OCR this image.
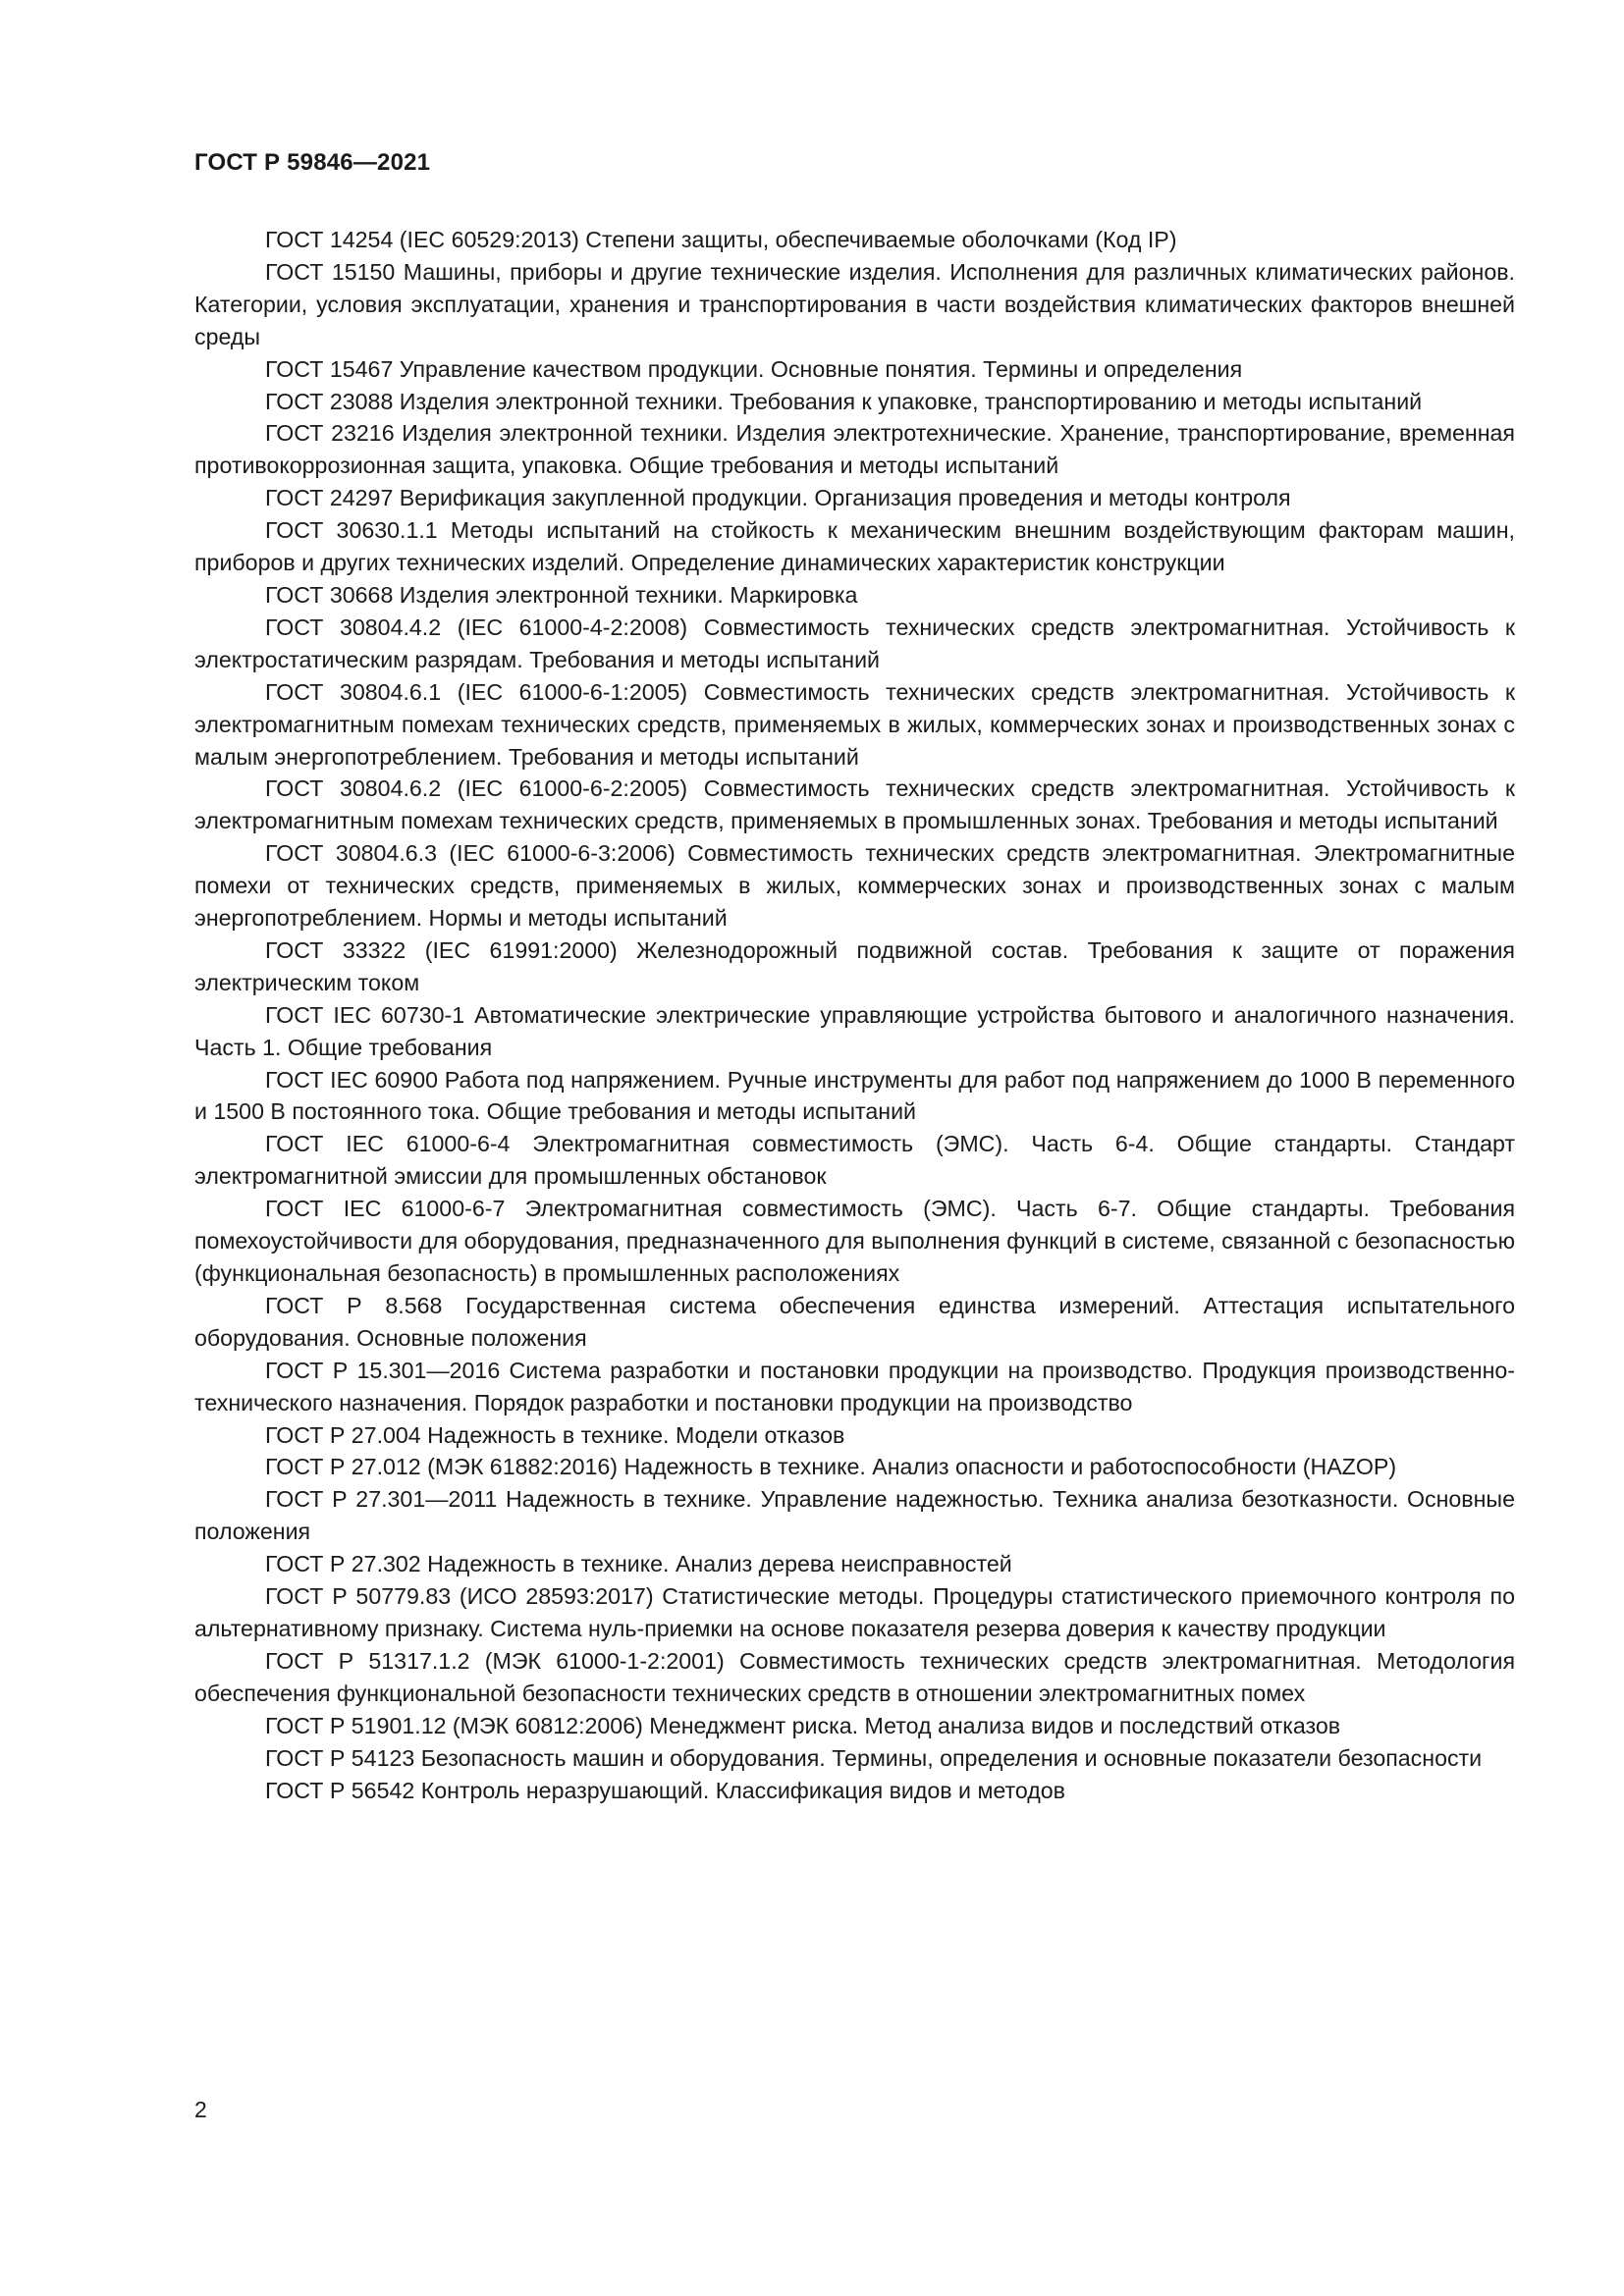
ГОСТ Р 59846—2021
ГОСТ 14254 (IEC 60529:2013) Степени защиты, обеспечиваемые оболочками (Код IP)
ГОСТ 15150 Машины, приборы и другие технические изделия. Исполнения для различных климатических районов. Категории, условия эксплуатации, хранения и транспортирования в части воздействия климатических факторов внешней среды
ГОСТ 15467 Управление качеством продукции. Основные понятия. Термины и определения
ГОСТ 23088 Изделия электронной техники. Требования к упаковке, транспортированию и методы испытаний
ГОСТ 23216 Изделия электронной техники. Изделия электротехнические. Хранение, транспортирование, временная противокоррозионная защита, упаковка. Общие требования и методы испытаний
ГОСТ 24297 Верификация закупленной продукции. Организация проведения и методы контроля
ГОСТ 30630.1.1 Методы испытаний на стойкость к механическим внешним воздействующим факторам машин, приборов и других технических изделий. Определение динамических характеристик конструкции
ГОСТ 30668 Изделия электронной техники. Маркировка
ГОСТ 30804.4.2 (IEC 61000-4-2:2008) Совместимость технических средств электромагнитная. Устойчивость к электростатическим разрядам. Требования и методы испытаний
ГОСТ 30804.6.1 (IEC 61000-6-1:2005) Совместимость технических средств электромагнитная. Устойчивость к электромагнитным помехам технических средств, применяемых в жилых, коммерческих зонах и производственных зонах с малым энергопотреблением. Требования и методы испытаний
ГОСТ 30804.6.2 (IEC 61000-6-2:2005) Совместимость технических средств электромагнитная. Устойчивость к электромагнитным помехам технических средств, применяемых в промышленных зонах. Требования и методы испытаний
ГОСТ 30804.6.3 (IEC 61000-6-3:2006) Совместимость технических средств электромагнитная. Электромагнитные помехи от технических средств, применяемых в жилых, коммерческих зонах и производственных зонах с малым энергопотреблением. Нормы и методы испытаний
ГОСТ 33322 (IEC 61991:2000) Железнодорожный подвижной состав. Требования к защите от поражения электрическим током
ГОСТ IEC 60730-1 Автоматические электрические управляющие устройства бытового и аналогичного назначения. Часть 1. Общие требования
ГОСТ IEC 60900 Работа под напряжением. Ручные инструменты для работ под напряжением до 1000 В переменного и 1500 В постоянного тока. Общие требования и методы испытаний
ГОСТ IEC 61000-6-4 Электромагнитная совместимость (ЭМС). Часть 6-4. Общие стандарты. Стандарт электромагнитной эмиссии для промышленных обстановок
ГОСТ IEC 61000-6-7 Электромагнитная совместимость (ЭМС). Часть 6-7. Общие стандарты. Требования помехоустойчивости для оборудования, предназначенного для выполнения функций в системе, связанной с безопасностью (функциональная безопасность) в промышленных расположениях
ГОСТ Р 8.568 Государственная система обеспечения единства измерений. Аттестация испытательного оборудования. Основные положения
ГОСТ Р 15.301—2016 Система разработки и постановки продукции на производство. Продукция производственно-технического назначения. Порядок разработки и постановки продукции на производство
ГОСТ Р 27.004 Надежность в технике. Модели отказов
ГОСТ Р 27.012 (МЭК 61882:2016) Надежность в технике. Анализ опасности и работоспособности (HAZOP)
ГОСТ Р 27.301—2011 Надежность в технике. Управление надежностью. Техника анализа безотказности. Основные положения
ГОСТ Р 27.302 Надежность в технике. Анализ дерева неисправностей
ГОСТ Р 50779.83 (ИСО 28593:2017) Статистические методы. Процедуры статистического приемочного контроля по альтернативному признаку. Система нуль-приемки на основе показателя резерва доверия к качеству продукции
ГОСТ Р 51317.1.2 (МЭК 61000-1-2:2001) Совместимость технических средств электромагнитная. Методология обеспечения функциональной безопасности технических средств в отношении электромагнитных помех
ГОСТ Р 51901.12 (МЭК 60812:2006) Менеджмент риска. Метод анализа видов и последствий отказов
ГОСТ Р 54123 Безопасность машин и оборудования. Термины, определения и основные показатели безопасности
ГОСТ Р 56542 Контроль неразрушающий. Классификация видов и методов
2
